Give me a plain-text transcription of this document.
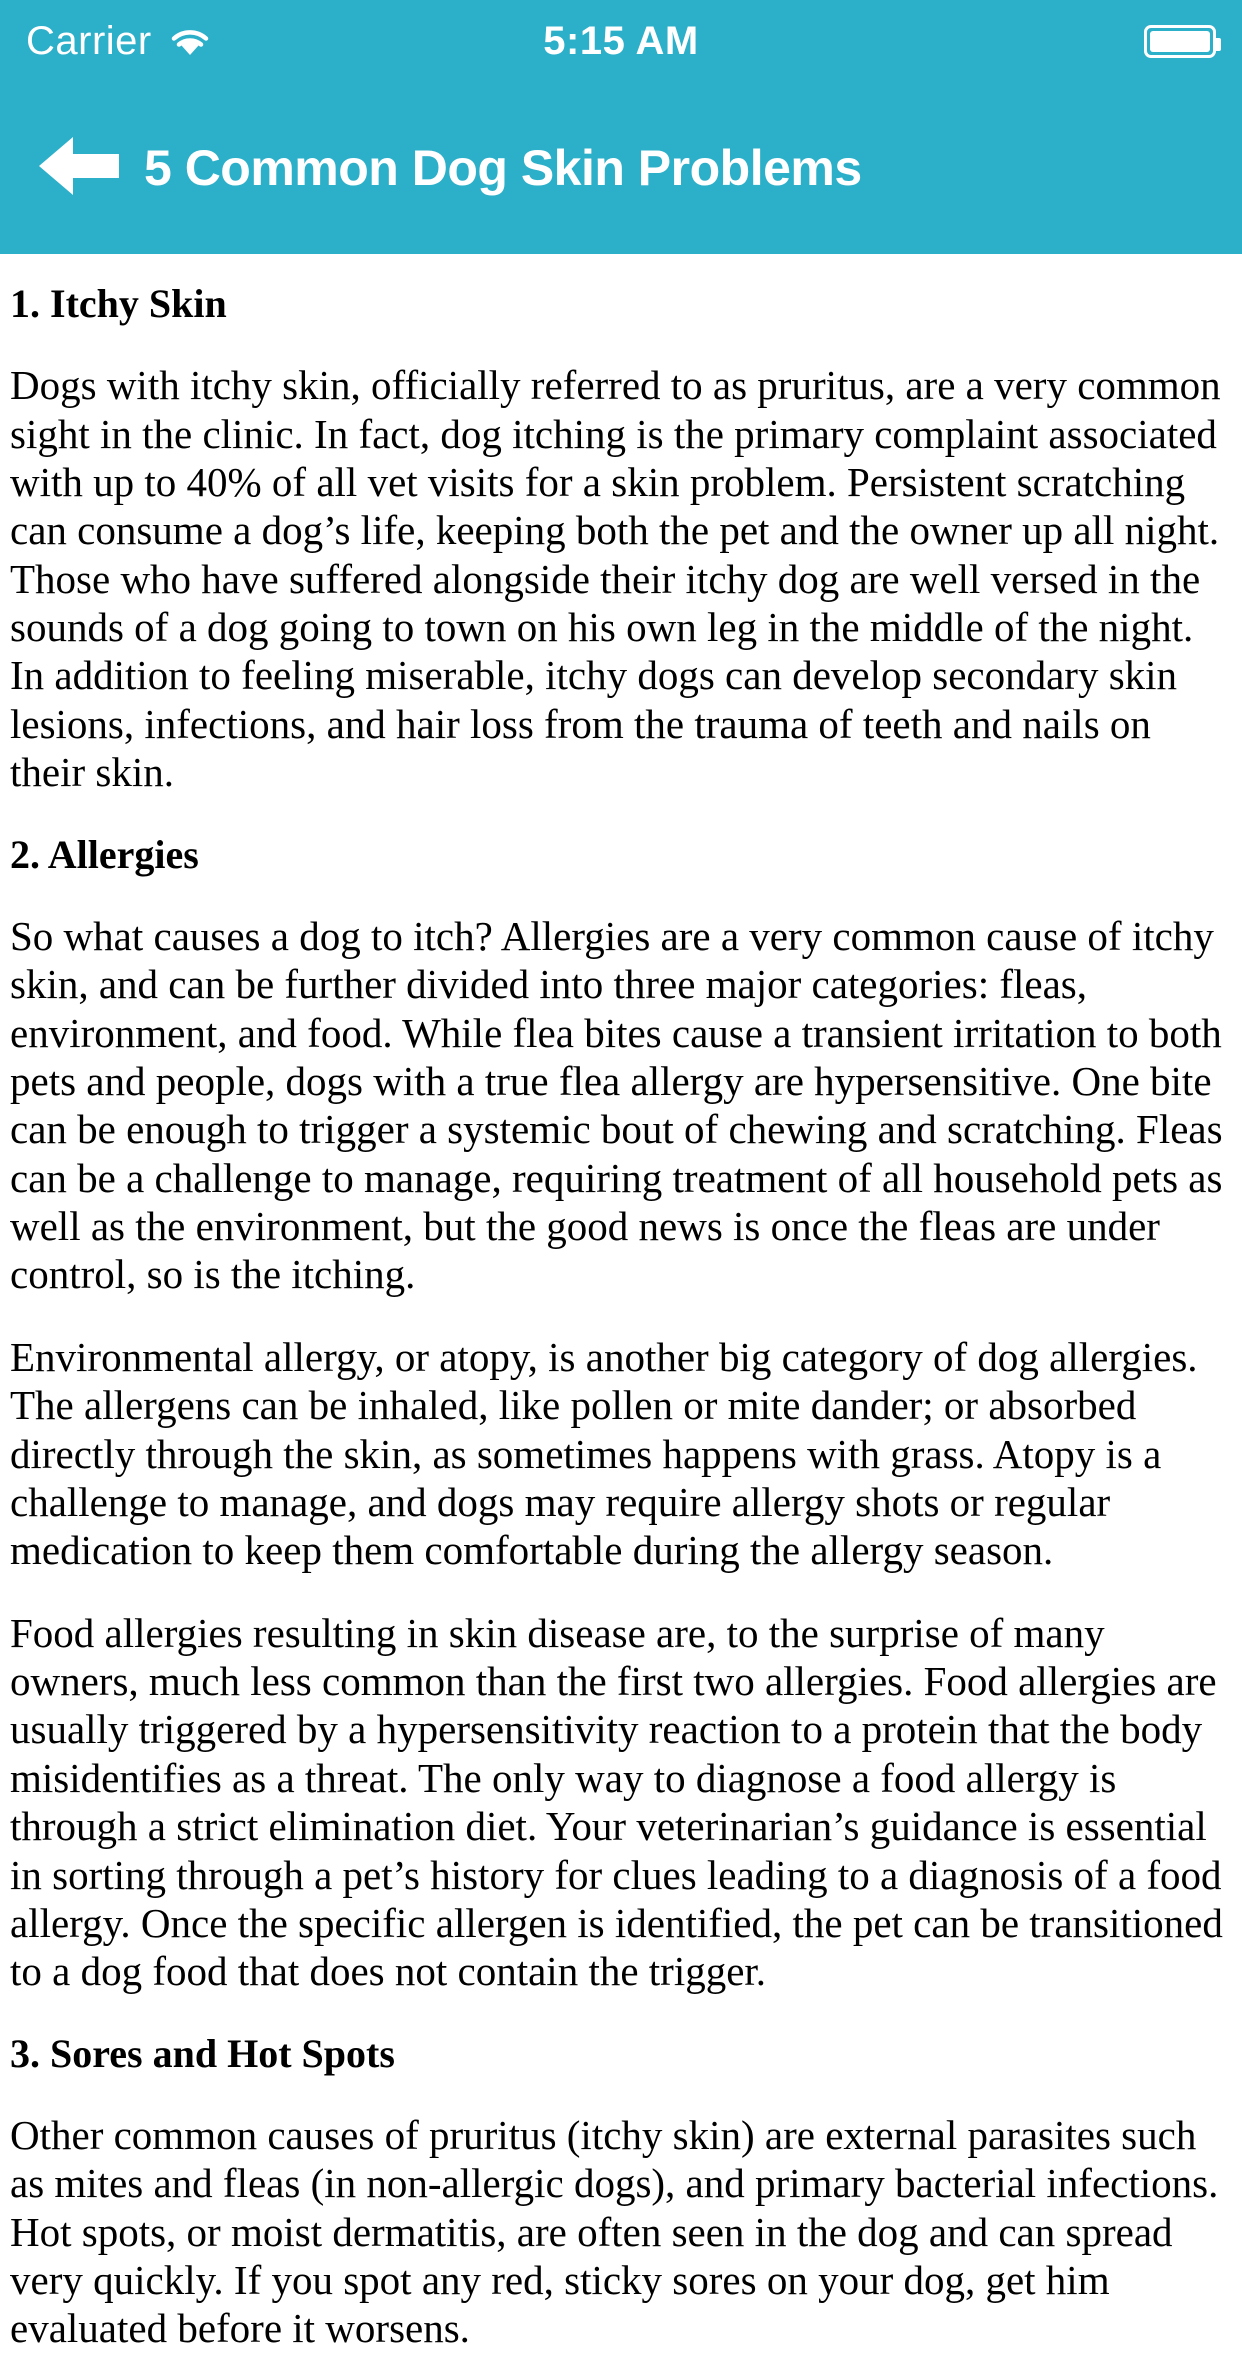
Carrier	5:15 AM
5 Common Dog Skin Problems
1. Itchy Skin

Dogs with itchy skin, officially referred to as pruritus, are a very common sight in the clinic. In fact, dog itching is the primary complaint associated with up to 40% of all vet visits for a skin problem. Persistent scratching can consume a dog’s life, keeping both the pet and the owner up all night. Those who have suffered alongside their itchy dog are well versed in the sounds of a dog going to town on his own leg in the middle of the night. In addition to feeling miserable, itchy dogs can develop secondary skin lesions, infections, and hair loss from the trauma of teeth and nails on their skin.

2. Allergies

So what causes a dog to itch? Allergies are a very common cause of itchy skin, and can be further divided into three major categories: fleas, environment, and food. While flea bites cause a transient irritation to both pets and people, dogs with a true flea allergy are hypersensitive. One bite can be enough to trigger a systemic bout of chewing and scratching. Fleas can be a challenge to manage, requiring treatment of all household pets as well as the environment, but the good news is once the fleas are under control, so is the itching.

Environmental allergy, or atopy, is another big category of dog allergies. The allergens can be inhaled, like pollen or mite dander; or absorbed directly through the skin, as sometimes happens with grass. Atopy is a challenge to manage, and dogs may require allergy shots or regular medication to keep them comfortable during the allergy season.

Food allergies resulting in skin disease are, to the surprise of many owners, much less common than the first two allergies. Food allergies are usually triggered by a hypersensitivity reaction to a protein that the body misidentifies as a threat. The only way to diagnose a food allergy is through a strict elimination diet. Your veterinarian’s guidance is essential in sorting through a pet’s history for clues leading to a diagnosis of a food allergy. Once the specific allergen is identified, the pet can be transitioned to a dog food that does not contain the trigger.

3. Sores and Hot Spots

Other common causes of pruritus (itchy skin) are external parasites such as mites and fleas (in non-allergic dogs), and primary bacterial infections. Hot spots, or moist dermatitis, are often seen in the dog and can spread very quickly. If you spot any red, sticky sores on your dog, get him evaluated before it worsens.
